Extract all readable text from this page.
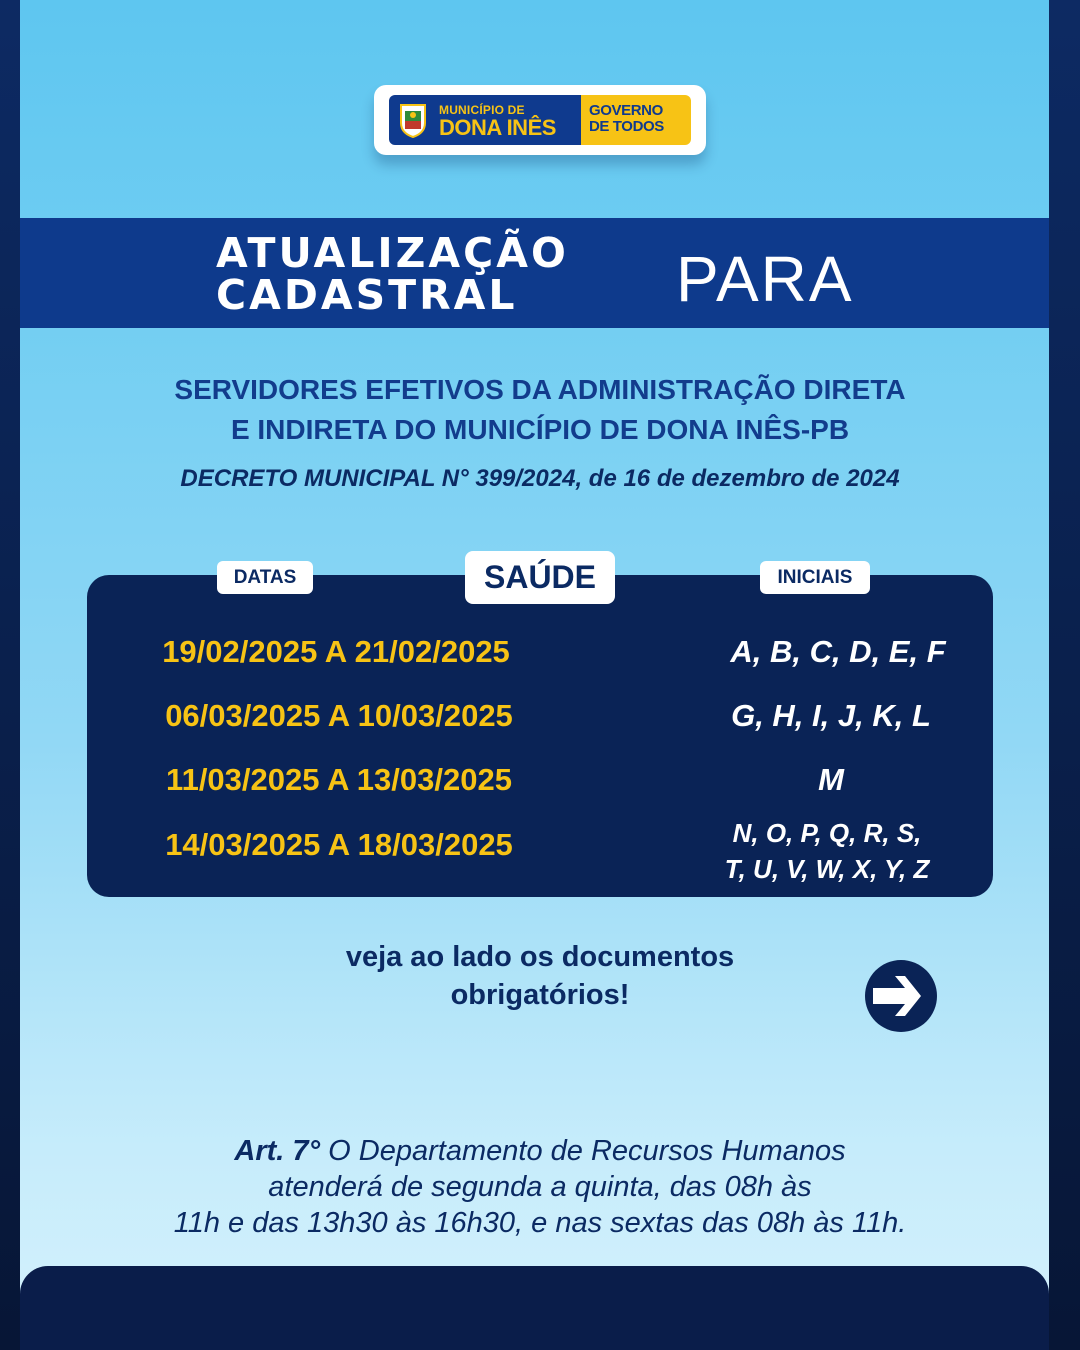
MUNICÍPIO DE
DONA INÊS
GOVERNO
DE TODOS
ATUALIZAÇÃO
CADASTRAL	PARA
SERVIDORES EFETIVOS DA ADMINISTRAÇÃO DIRETA
E INDIRETA DO MUNICÍPIO DE DONA INÊS-PB
DECRETO MUNICIPAL N° 399/2024, de 16 de dezembro de 2024
DATAS	SAÚDE	INICIAIS
19/02/2025 A 21/02/2025	A, B, C, D, E, F
06/03/2025 A 10/03/2025	G, H, I, J, K, L
11/03/2025 A 13/03/2025	M
14/03/2025 A 18/03/2025	N, O, P, Q, R, S,
T, U, V, W, X, Y, Z
veja ao lado os documentos
obrigatórios!
Art. 7° O Departamento de Recursos Humanos
atenderá de segunda a quinta, das 08h às
11h e das 13h30 às 16h30, e nas sextas das 08h às 11h.
